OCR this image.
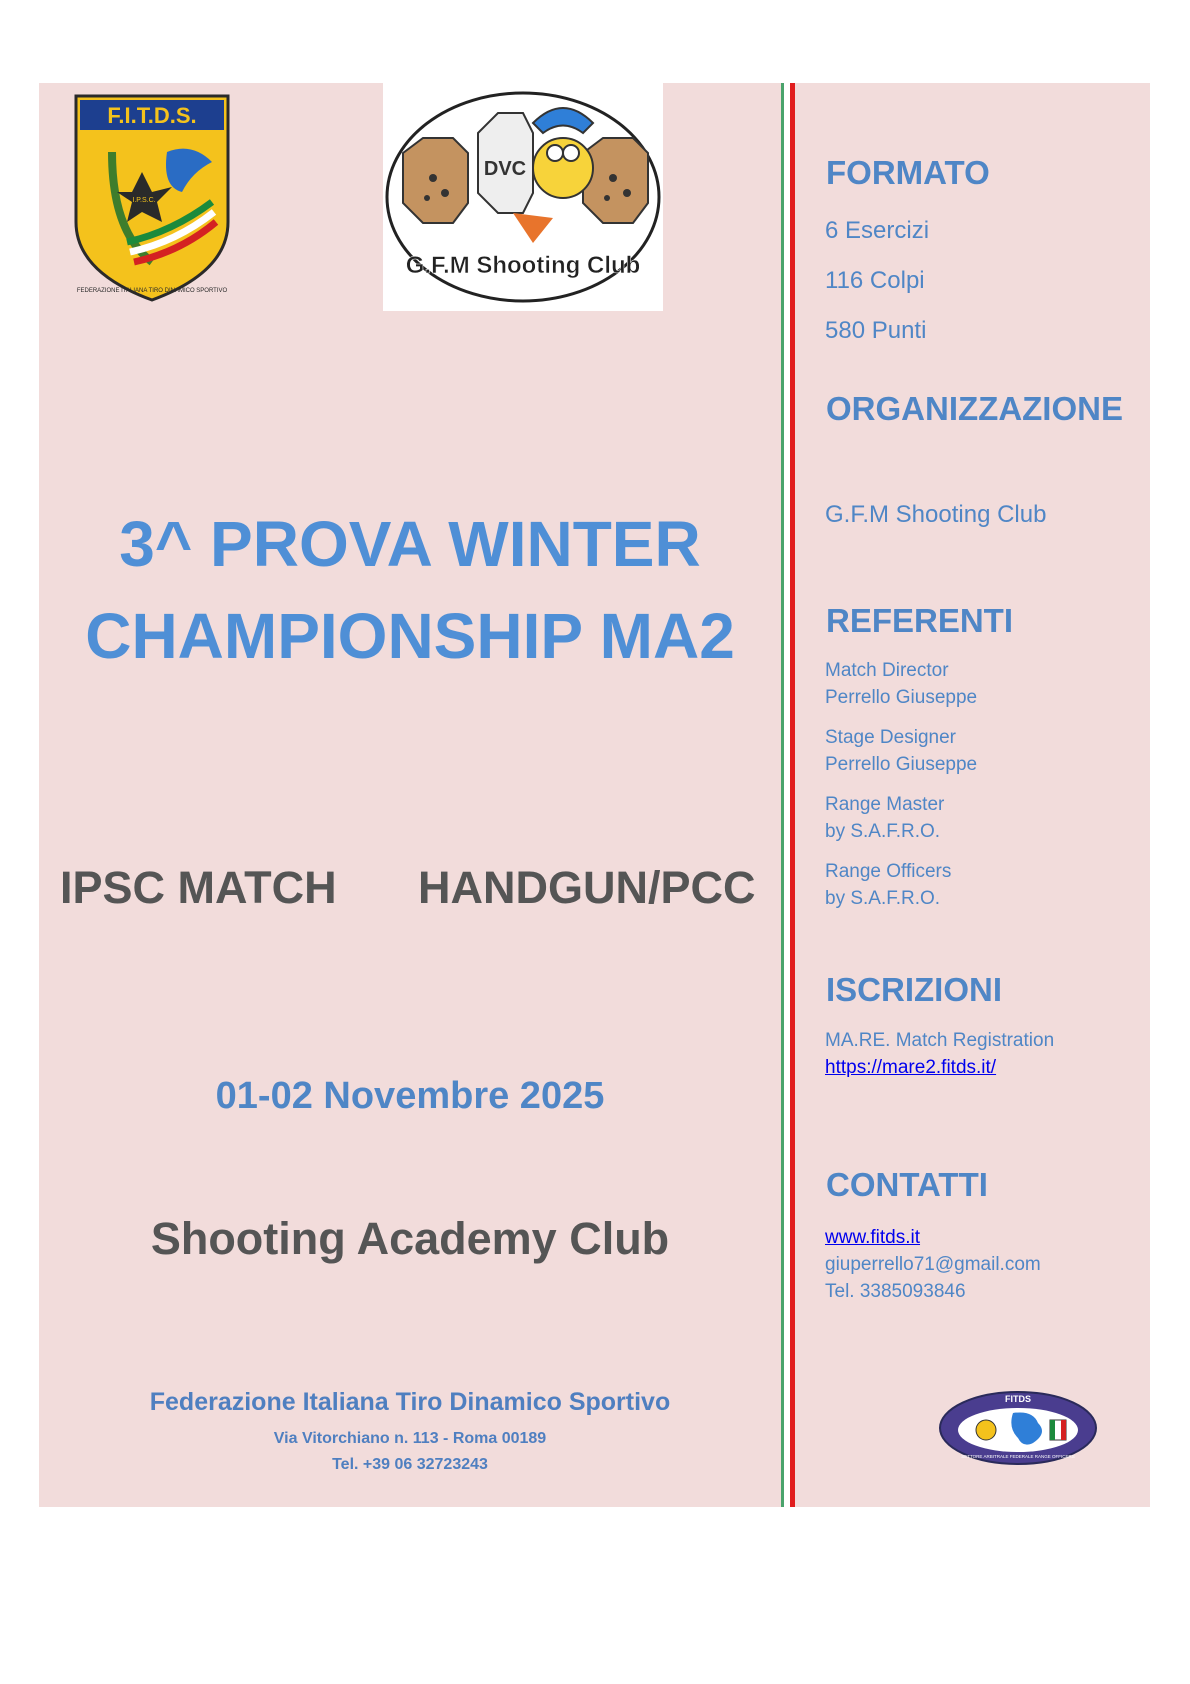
F.I.T.D.S.
I.P.S.C.
FEDERAZIONE ITALIANA TIRO DINAMICO SPORTIVO
DVC
G.F.M Shooting Club
3^ PROVA WINTER
CHAMPIONSHIP MA2
IPSC MATCH HANDGUN/PCC
01-02 Novembre 2025
Shooting Academy Club
Federazione Italiana Tiro Dinamico Sportivo
Via Vitorchiano n. 113 - Roma 00189
Tel. +39 06 32723243
FORMATO
6 Esercizi
116 Colpi
580 Punti
ORGANIZZAZIONE
G.F.M Shooting Club
REFERENTI
Match Director
Perrello Giuseppe
Stage Designer
Perrello Giuseppe
Range Master
by S.A.F.R.O.
Range Officers
by S.A.F.R.O.
ISCRIZIONI
MA.RE. Match Registration
https://mare2.fitds.it/
CONTATTI
www.fitds.it
giuperrello71@gmail.com
Tel. 3385093846
FITDS
SETTORE ARBITRALE FEDERALE RANGE OFFICERS
